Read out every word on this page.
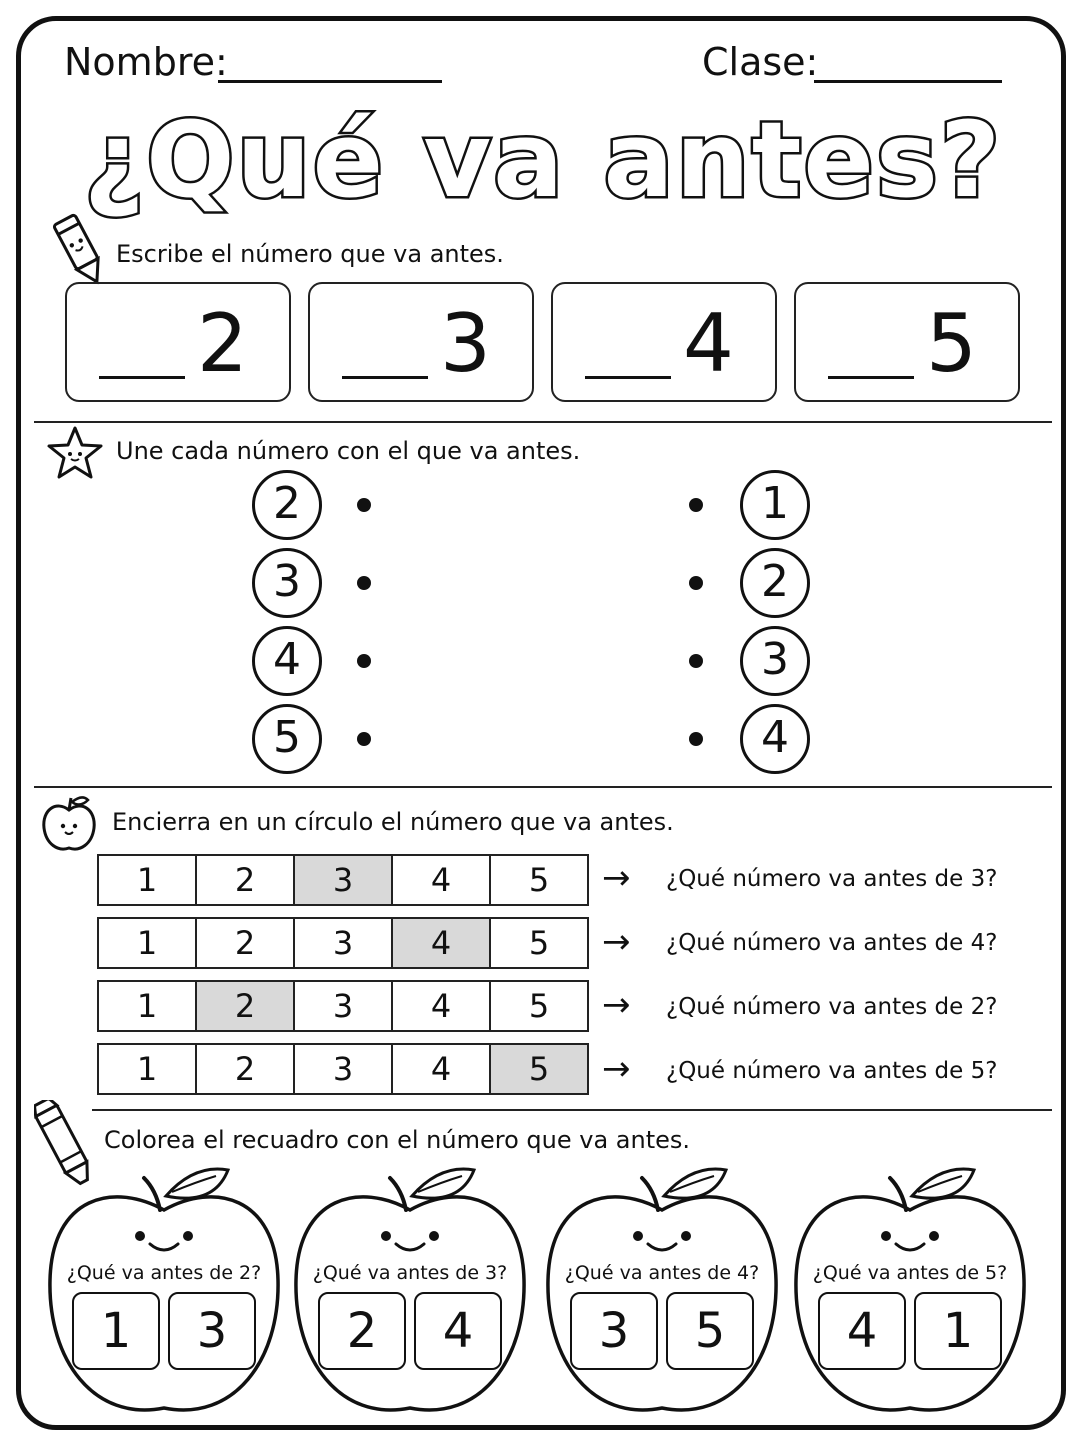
Nombre:	Clase:
¿Qué va antes?
Escribe el número que va antes.
2 3 4 5
Une cada número con el que va antes.
2
3
4
5
1
2
3
4
Encierra en un círculo el número que va antes.
1	2	3	4	5 → ¿Qué número va antes de 3?
1	2	3	4	5 → ¿Qué número va antes de 4?
1	2	3	4	5 → ¿Qué número va antes de 2?
1	2	3	4	5 → ¿Qué número va antes de 5?
Colorea el recuadro con el número que va antes.
¿Qué va antes de 2?
1	3
¿Qué va antes de 3?
2	4
¿Qué va antes de 4?
3	5
¿Qué va antes de 5?
4	1
